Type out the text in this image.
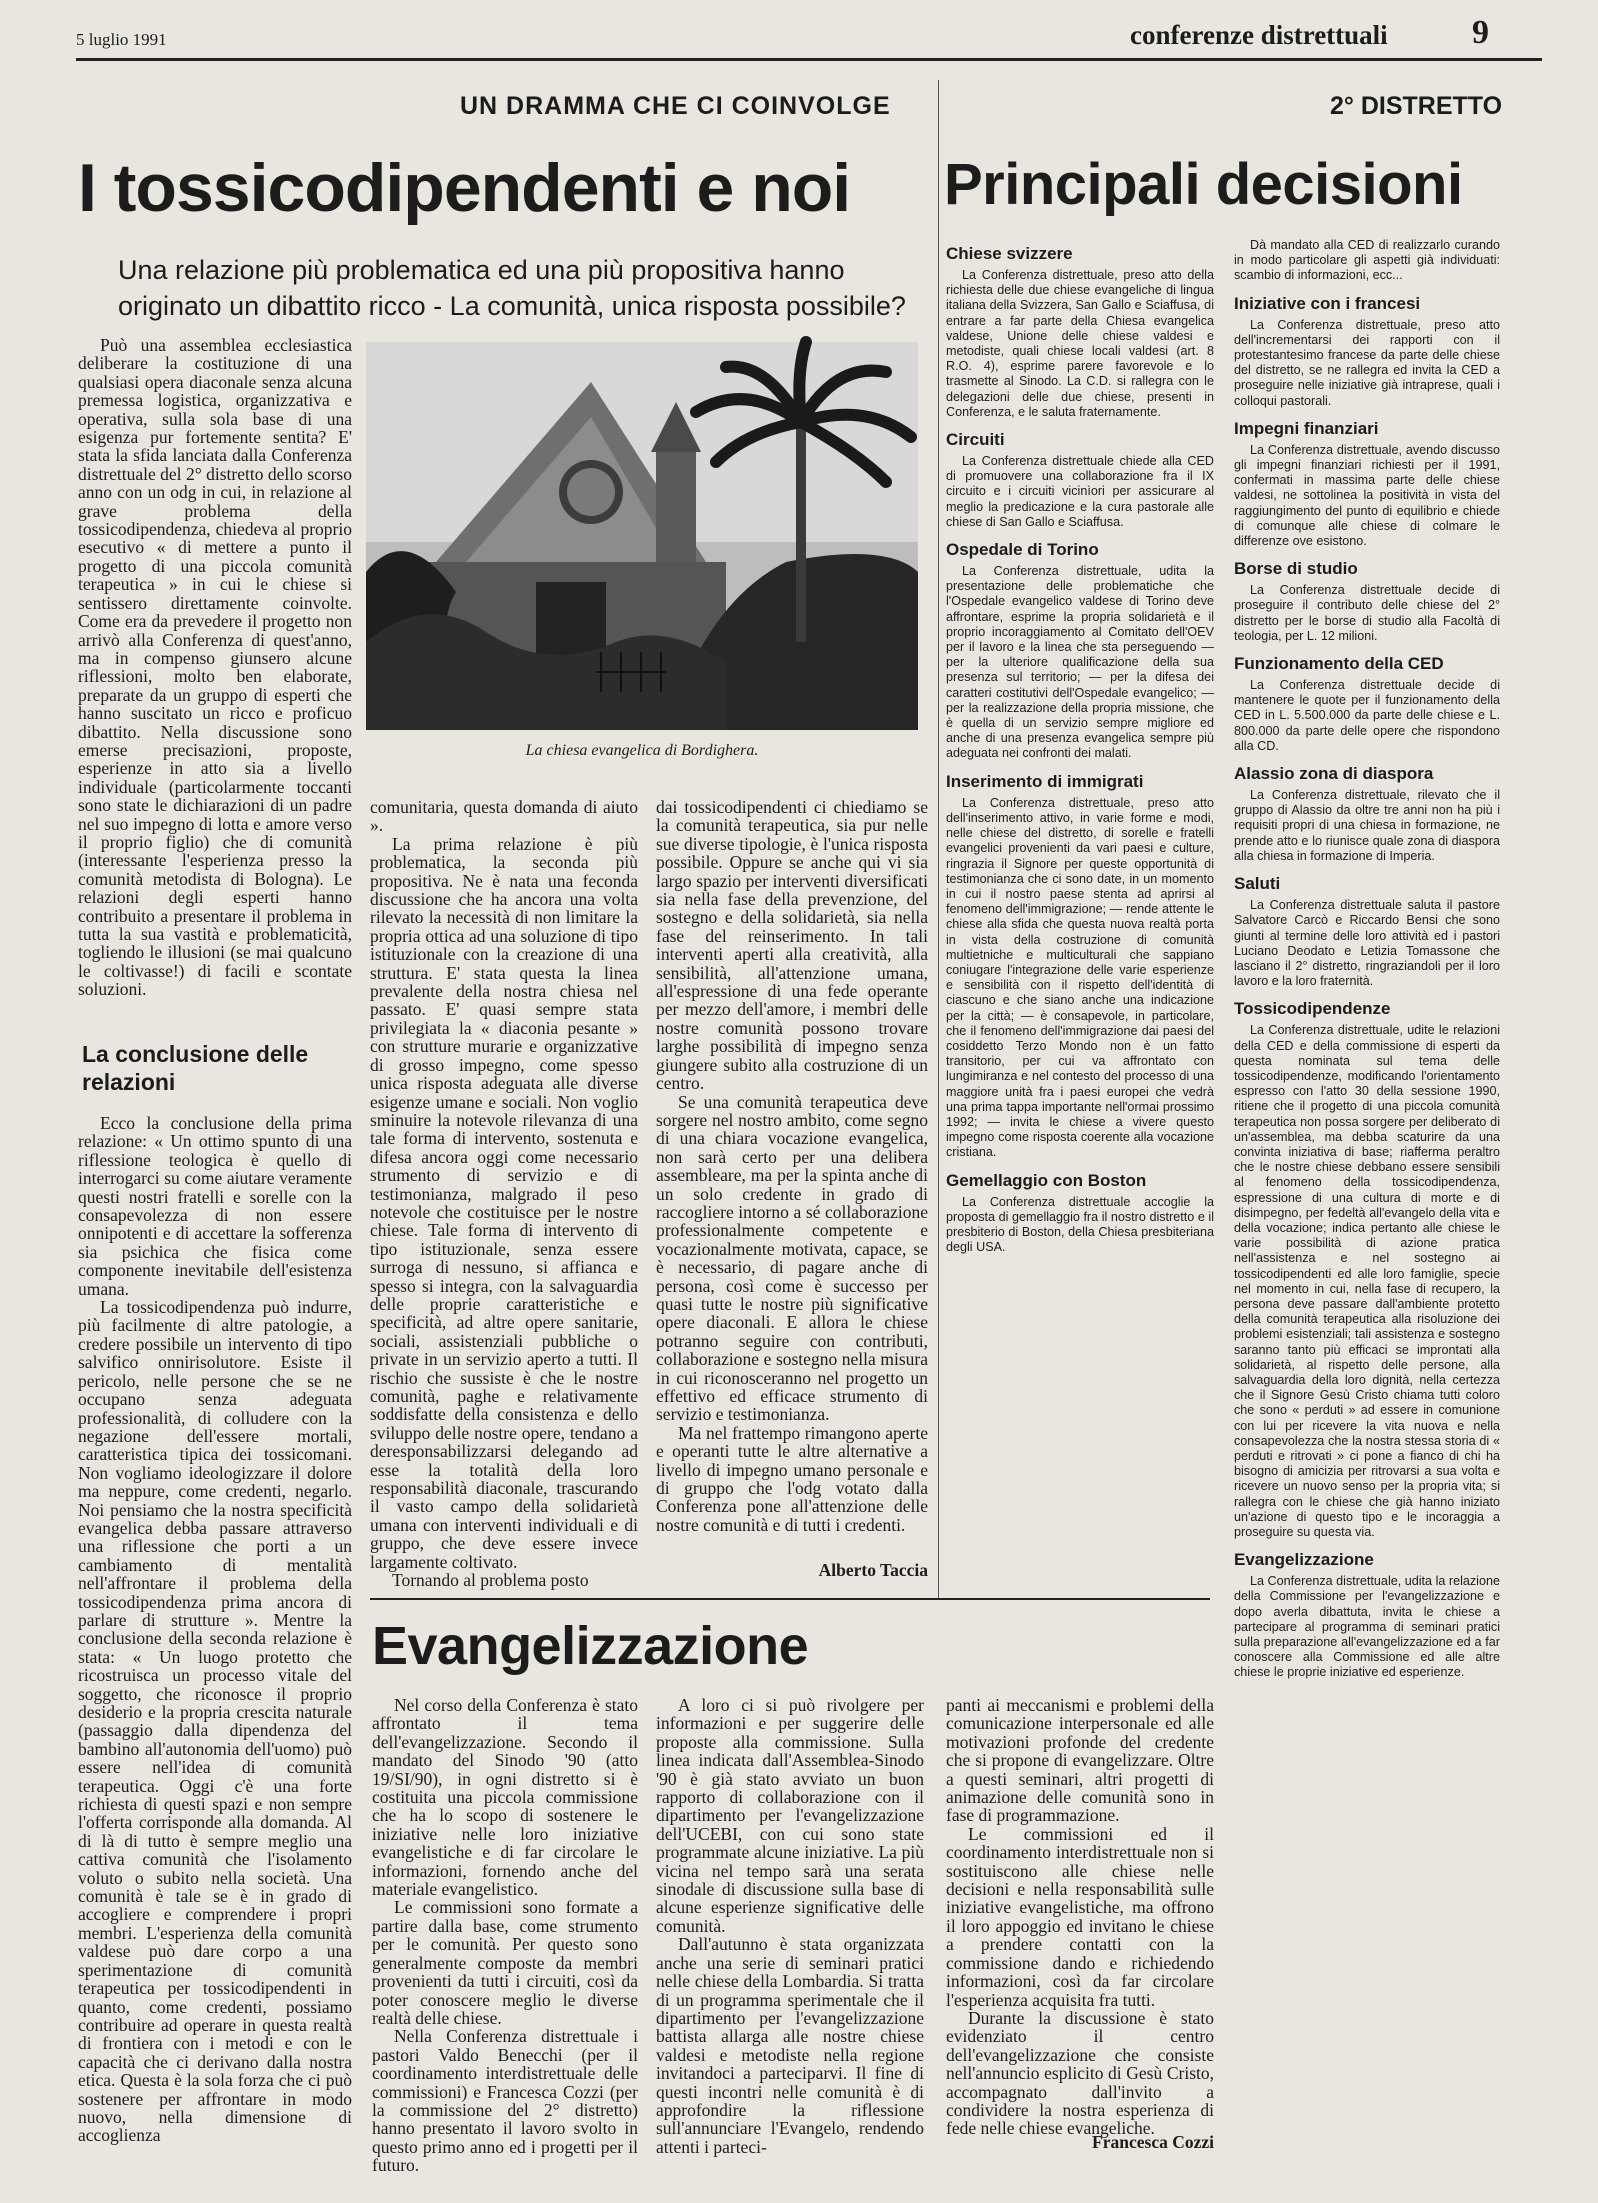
5 luglio 1991	conferenze distrettuali 9
UN DRAMMA CHE CI COINVOLGE
I tossicodipendenti e noi
Una relazione più problematica ed una più propositiva hanno originato un dibattito ricco - La comunità, unica risposta possibile?
La chiesa evangelica di Bordighera.

Può una assemblea ecclesiastica deliberare la costituzione di una qualsiasi opera diaconale senza alcuna premessa logistica, organizzativa e operativa, sulla sola base di una esigenza pur fortemente sentita? E' stata la sfida lanciata dalla Conferenza distrettuale del 2° distretto dello scorso anno con un odg in cui, in relazione al grave problema della tossicodipendenza, chiedeva al proprio esecutivo « di mettere a punto il progetto di una piccola comunità terapeutica » in cui le chiese si sentissero direttamente coinvolte. Come era da prevedere il progetto non arrivò alla Conferenza di quest'anno, ma in compenso giunsero alcune riflessioni, molto ben elaborate, preparate da un gruppo di esperti che hanno suscitato un ricco e proficuo dibattito. Nella discussione sono emerse precisazioni, proposte, esperienze in atto sia a livello individuale (particolarmente toccanti sono state le dichiarazioni di un padre nel suo impegno di lotta e amore verso il proprio figlio) che di comunità (interessante l'esperienza presso la comunità metodista di Bologna). Le relazioni degli esperti hanno contribuito a presentare il problema in tutta la sua vastità e problematicità, togliendo le illusioni (se mai qualcuno le coltivasse!) di facili e scontate soluzioni.

La conclusione delle relazioni

Ecco la conclusione della prima relazione: « Un ottimo spunto di una riflessione teologica è quello di interrogarci su come aiutare veramente questi nostri fratelli e sorelle con la consapevolezza di non essere onnipotenti e di accettare la sofferenza sia psichica che fisica come componente inevitabile dell'esistenza umana.

La tossicodipendenza può indurre, più facilmente di altre patologie, a credere possibile un intervento di tipo salvifico onnirisolutore. Esiste il pericolo, nelle persone che se ne occupano senza adeguata professionalità, di colludere con la negazione dell'essere mortali, caratteristica tipica dei tossicomani. Non vogliamo ideologizzare il dolore ma neppure, come credenti, negarlo. Noi pensiamo che la nostra specificità evangelica debba passare attraverso una riflessione che porti a un cambiamento di mentalità nell'affrontare il problema della tossicodipendenza prima ancora di parlare di strutture ». Mentre la conclusione della seconda relazione è stata: « Un luogo protetto che ricostruisca un processo vitale del soggetto, che riconosce il proprio desiderio e la propria crescita naturale (passaggio dalla dipendenza del bambino all'autonomia dell'uomo) può essere nell'idea di comunità terapeutica. Oggi c'è una forte richiesta di questi spazi e non sempre l'offerta corrisponde alla domanda. Al di là di tutto è sempre meglio una cattiva comunità che l'isolamento voluto o subito nella società. Una comunità è tale se è in grado di accogliere e comprendere i propri membri. L'esperienza della comunità valdese può dare corpo a una sperimentazione di comunità terapeutica per tossicodipendenti in quanto, come credenti, possiamo contribuire ad operare in questa realtà di frontiera con i metodi e con le capacità che ci derivano dalla nostra etica. Questa è la sola forza che ci può sostenere per affrontare in modo nuovo, nella dimensione di accoglienza

comunitaria, questa domanda di aiuto ».

La prima relazione è più problematica, la seconda più propositiva. Ne è nata una feconda discussione che ha ancora una volta rilevato la necessità di non limitare la propria ottica ad una soluzione di tipo istituzionale con la creazione di una struttura. E' stata questa la linea prevalente della nostra chiesa nel passato. E' quasi sempre stata privilegiata la « diaconia pesante » con strutture murarie e organizzative di grosso impegno, come spesso unica risposta adeguata alle diverse esigenze umane e sociali. Non voglio sminuire la notevole rilevanza di una tale forma di intervento, sostenuta e difesa ancora oggi come necessario strumento di servizio e di testimonianza, malgrado il peso notevole che costituisce per le nostre chiese. Tale forma di intervento di tipo istituzionale, senza essere surroga di nessuno, si affianca e spesso si integra, con la salvaguardia delle proprie caratteristiche e specificità, ad altre opere sanitarie, sociali, assistenziali pubbliche o private in un servizio aperto a tutti. Il rischio che sussiste è che le nostre comunità, paghe e relativamente soddisfatte della consistenza e dello sviluppo delle nostre opere, tendano a deresponsabilizzarsi delegando ad esse la totalità della loro responsabilità diaconale, trascurando il vasto campo della solidarietà umana con interventi individuali e di gruppo, che deve essere invece largamente coltivato.

Tornando al problema posto

dai tossicodipendenti ci chiediamo se la comunità terapeutica, sia pur nelle sue diverse tipologie, è l'unica risposta possibile. Oppure se anche qui vi sia largo spazio per interventi diversificati sia nella fase della prevenzione, del sostegno e della solidarietà, sia nella fase del reinserimento. In tali interventi aperti alla creatività, alla sensibilità, all'attenzione umana, all'espressione di una fede operante per mezzo dell'amore, i membri delle nostre comunità possono trovare larghe possibilità di impegno senza giungere subito alla costruzione di un centro.

Se una comunità terapeutica deve sorgere nel nostro ambito, come segno di una chiara vocazione evangelica, non sarà certo per una delibera assembleare, ma per la spinta anche di un solo credente in grado di raccogliere intorno a sé collaborazione professionalmente competente e vocazionalmente motivata, capace, se è necessario, di pagare anche di persona, così come è successo per quasi tutte le nostre più significative opere diaconali. E allora le chiese potranno seguire con contributi, collaborazione e sostegno nella misura in cui riconosceranno nel progetto un effettivo ed efficace strumento di servizio e testimonianza.

Ma nel frattempo rimangono aperte e operanti tutte le altre alternative a livello di impegno umano personale e di gruppo che l'odg votato dalla Conferenza pone all'attenzione delle nostre comunità e di tutti i credenti.

Alberto Taccia
2° DISTRETTO
Principali decisioni
Chiese svizzere

La Conferenza distrettuale, preso atto della richiesta delle due chiese evangeliche di lingua italiana della Svizzera, San Gallo e Sciaffusa, di entrare a far parte della Chiesa evangelica valdese, Unione delle chiese valdesi e metodiste, quali chiese locali valdesi (art. 8 R.O. 4), esprime parere favorevole e lo trasmette al Sinodo. La C.D. si rallegra con le delegazioni delle due chiese, presenti in Conferenza, e le saluta fraternamente.

Circuiti

La Conferenza distrettuale chiede alla CED di promuovere una collaborazione fra il IX circuito e i circuiti vicinìori per assicurare al meglio la predicazione e la cura pastorale alle chiese di San Gallo e Sciaffusa.

Ospedale di Torino

La Conferenza distrettuale, udita la presentazione delle problematiche che l'Ospedale evangelico valdese di Torino deve affrontare, esprime la propria solidarietà e il proprio incoraggiamento al Comitato dell'OEV per il lavoro e la linea che sta perseguendo — per la ulteriore qualificazione della sua presenza sul territorio; — per la difesa dei caratteri costitutivi dell'Ospedale evangelico; — per la realizzazione della propria missione, che è quella di un servizio sempre migliore ed anche di una presenza evangelica sempre più adeguata nei confronti dei malati.

Inserimento di immigrati

La Conferenza distrettuale, preso atto dell'inserimento attivo, in varie forme e modi, nelle chiese del distretto, di sorelle e fratelli evangelici provenienti da vari paesi e culture, ringrazia il Signore per queste opportunità di testimonianza che ci sono date, in un momento in cui il nostro paese stenta ad aprirsi al fenomeno dell'immigrazione; — rende attente le chiese alla sfida che questa nuova realtà porta in vista della costruzione di comunità multietniche e multiculturali che sappiano coniugare l'integrazione delle varie esperienze e sensibilità con il rispetto dell'identità di ciascuno e che siano anche una indicazione per la città; — è consapevole, in particolare, che il fenomeno dell'immigrazione dai paesi del cosiddetto Terzo Mondo non è un fatto transitorio, per cui va affrontato con lungimiranza e nel contesto del processo di una maggiore unità fra i paesi europei che vedrà una prima tappa importante nell'ormai prossimo 1992; — invita le chiese a vivere questo impegno come risposta coerente alla vocazione cristiana.

Gemellaggio con Boston

La Conferenza distrettuale accoglie la proposta di gemellaggio fra il nostro distretto e il presbiterio di Boston, della Chiesa presbiteriana degli USA.

Dà mandato alla CED di realizzarlo curando in modo particolare gli aspetti già individuati: scambio di informazioni, ecc...

Iniziative con i francesi

La Conferenza distrettuale, preso atto dell'incrementarsi dei rapporti con il protestantesimo francese da parte delle chiese del distretto, se ne rallegra ed invita la CED a proseguire nelle iniziative già intraprese, quali i colloqui pastorali.

Impegni finanziari

La Conferenza distrettuale, avendo discusso gli impegni finanziari richiesti per il 1991, confermati in massima parte delle chiese valdesi, ne sottolinea la positività in vista del raggiungimento del punto di equilibrio e chiede di comunque alle chiese di colmare le differenze ove esistono.

Borse di studio

La Conferenza distrettuale decide di proseguire il contributo delle chiese del 2° distretto per le borse di studio alla Facoltà di teologia, per L. 12 milioni.

Funzionamento della CED

La Conferenza distrettuale decide di mantenere le quote per il funzionamento della CED in L. 5.500.000 da parte delle chiese e L. 800.000 da parte delle opere che rispondono alla CD.

Alassio zona di diaspora

La Conferenza distrettuale, rilevato che il gruppo di Alassio da oltre tre anni non ha più i requisiti propri di una chiesa in formazione, ne prende atto e lo riunisce quale zona di diaspora alla chiesa in formazione di Imperia.

Saluti

La Conferenza distrettuale saluta il pastore Salvatore Carcò e Riccardo Bensi che sono giunti al termine delle loro attività ed i pastori Luciano Deodato e Letizia Tomassone che lasciano il 2° distretto, ringraziandoli per il loro lavoro e la loro fraternità.

Tossicodipendenze

La Conferenza distrettuale, udite le relazioni della CED e della commissione di esperti da questa nominata sul tema delle tossicodipendenze, modificando l'orientamento espresso con l'atto 30 della sessione 1990, ritiene che il progetto di una piccola comunità terapeutica non possa sorgere per deliberato di un'assemblea, ma debba scaturire da una convinta iniziativa di base; riafferma peraltro che le nostre chiese debbano essere sensibili al fenomeno della tossicodipendenza, espressione di una cultura di morte e di disimpegno, per fedeltà all'evangelo della vita e della vocazione; indica pertanto alle chiese le varie possibilità di azione pratica nell'assistenza e nel sostegno ai tossicodipendenti ed alle loro famiglie, specie nel momento in cui, nella fase di recupero, la persona deve passare dall'ambiente protetto della comunità terapeutica alla risoluzione dei problemi esistenziali; tali assistenza e sostegno saranno tanto più efficaci se improntati alla solidarietà, al rispetto delle persone, alla salvaguardia della loro dignità, nella certezza che il Signore Gesù Cristo chiama tutti coloro che sono « perduti » ad essere in comunione con lui per ricevere la vita nuova e nella consapevolezza che la nostra stessa storia di « perduti e ritrovati » ci pone a fianco di chi ha bisogno di amicizia per ritrovarsi a sua volta e ricevere un nuovo senso per la propria vita; si rallegra con le chiese che già hanno iniziato un'azione di questo tipo e le incoraggia a proseguire su questa via.

Evangelizzazione

La Conferenza distrettuale, udita la relazione della Commissione per l'evangelizzazione e dopo averla dibattuta, invita le chiese a partecipare al programma di seminari pratici sulla preparazione all'evangelizzazione ed a far conoscere alla Commissione ed alle altre chiese le proprie iniziative ed esperienze.

Evangelizzazione

Nel corso della Conferenza è stato affrontato il tema dell'evangelizzazione. Secondo il mandato del Sinodo '90 (atto 19/SI/90), in ogni distretto si è costituita una piccola commissione che ha lo scopo di sostenere le iniziative nelle loro iniziative evangelistiche e di far circolare le informazioni, fornendo anche del materiale evangelistico.

Le commissioni sono formate a partire dalla base, come strumento per le comunità. Per questo sono generalmente composte da membri provenienti da tutti i circuiti, così da poter conoscere meglio le diverse realtà delle chiese.

Nella Conferenza distrettuale i pastori Valdo Benecchi (per il coordinamento interdistrettuale delle commissioni) e Francesca Cozzi (per la commissione del 2° distretto) hanno presentato il lavoro svolto in questo primo anno ed i progetti per il futuro.

A loro ci si può rivolgere per informazioni e per suggerire delle proposte alla commissione. Sulla linea indicata dall'Assemblea-Sinodo '90 è già stato avviato un buon rapporto di collaborazione con il dipartimento per l'evangelizzazione dell'UCEBI, con cui sono state programmate alcune iniziative. La più vicina nel tempo sarà una serata sinodale di discussione sulla base di alcune esperienze significative delle comunità.

Dall'autunno è stata organizzata anche una serie di seminari pratici nelle chiese della Lombardia. Si tratta di un programma sperimentale che il dipartimento per l'evangelizzazione battista allarga alle nostre chiese valdesi e metodiste nella regione invitandoci a parteciparvi. Il fine di questi incontri nelle comunità è di approfondire la riflessione sull'annunciare l'Evangelo, rendendo attenti i parteci-

panti ai meccanismi e problemi della comunicazione interpersonale ed alle motivazioni profonde del credente che si propone di evangelizzare. Oltre a questi seminari, altri progetti di animazione delle comunità sono in fase di programmazione.

Le commissioni ed il coordinamento interdistrettuale non si sostituiscono alle chiese nelle decisioni e nella responsabilità sulle iniziative evangelistiche, ma offrono il loro appoggio ed invitano le chiese a prendere contatti con la commissione dando e richiedendo informazioni, così da far circolare l'esperienza acquisita fra tutti.

Durante la discussione è stato evidenziato il centro dell'evangelizzazione che consiste nell'annuncio esplicito di Gesù Cristo, accompagnato dall'invito a condividere la nostra esperienza di fede nelle chiese evangeliche.

Francesca Cozzi
